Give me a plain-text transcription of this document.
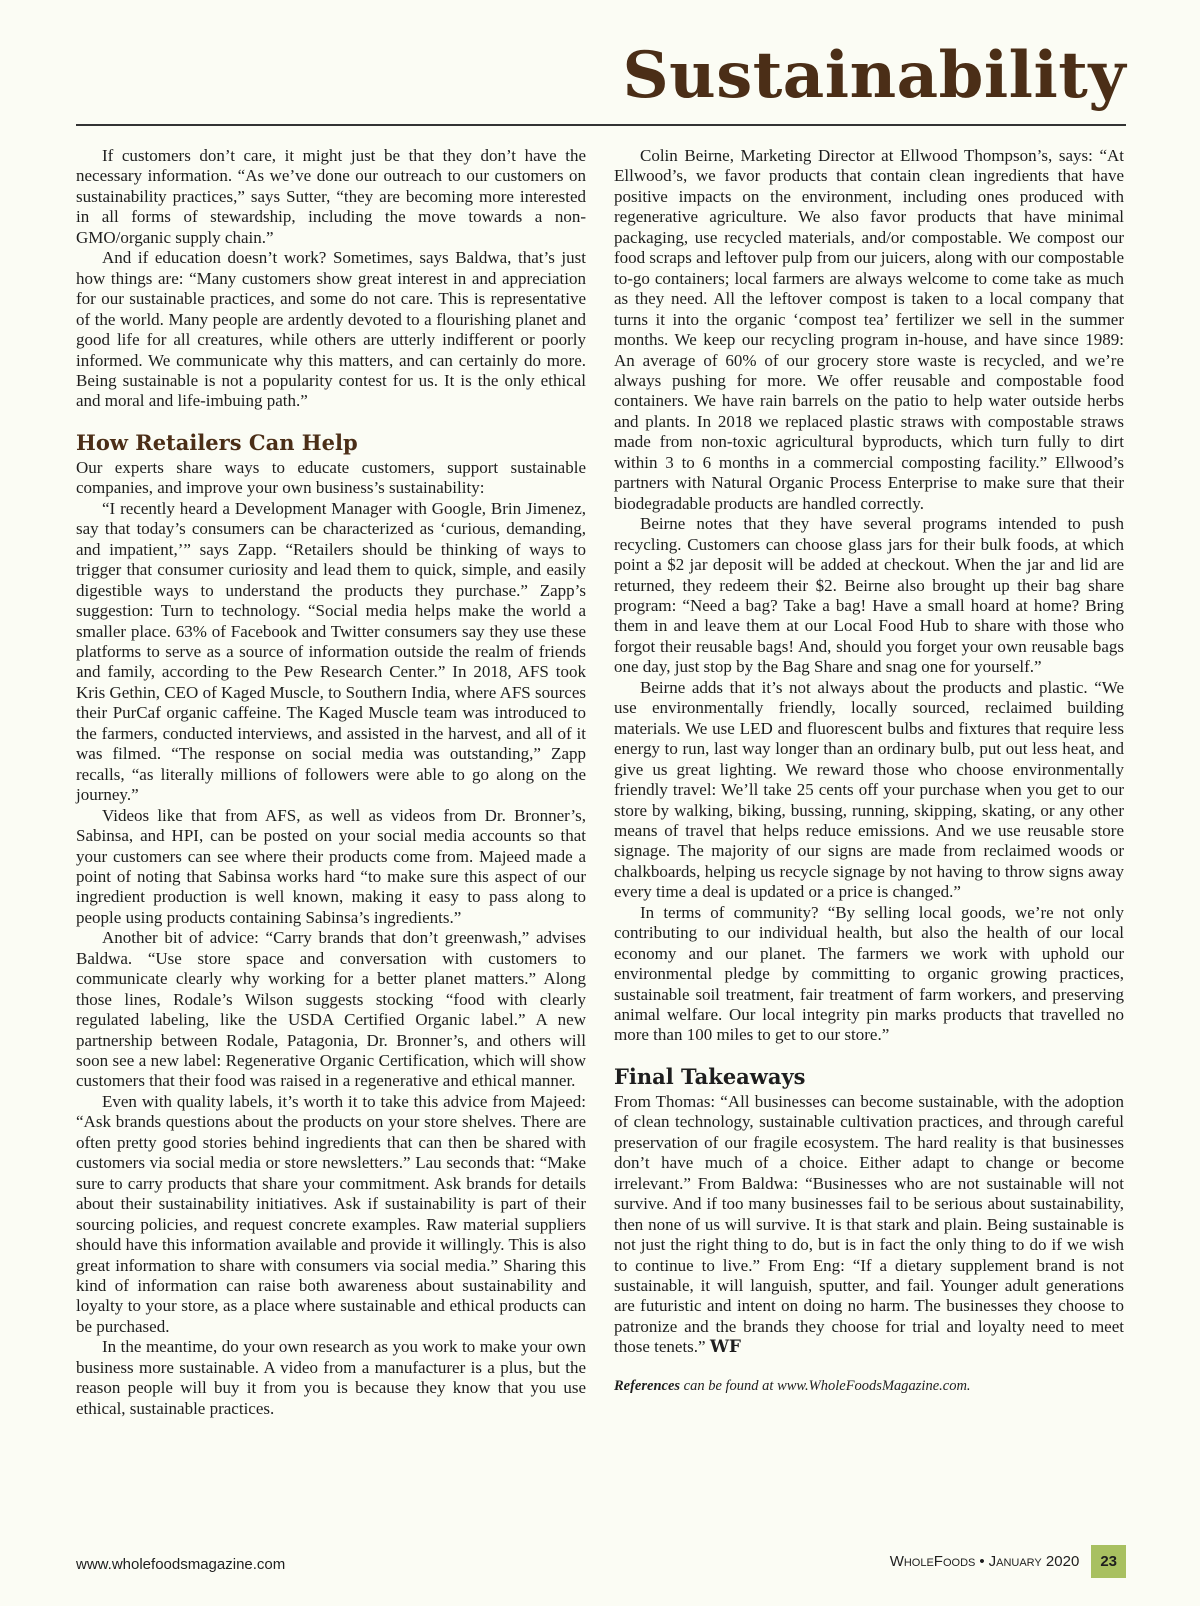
Sustainability

If customers don’t care, it might just be that they don’t have the necessary information. “As we’ve done our outreach to our customers on sustainability practices,” says Sutter, “they are becoming more interested in all forms of stewardship, including the move towards a non-GMO/organic supply chain.”

And if education doesn’t work? Sometimes, says Baldwa, that’s just how things are: “Many customers show great interest in and appreciation for our sustainable practices, and some do not care. This is representative of the world. Many people are ardently devoted to a flourishing planet and good life for all creatures, while others are utterly indifferent or poorly informed. We communicate why this matters, and can certainly do more. Being sustainable is not a popularity contest for us. It is the only ethical and moral and life-imbuing path.”

How Retailers Can Help

Our experts share ways to educate customers, support sustainable companies, and improve your own business’s sustainability:

“I recently heard a Development Manager with Google, Brin Jimenez, say that today’s consumers can be characterized as ‘curious, demanding, and impatient,’” says Zapp. “Retailers should be thinking of ways to trigger that consumer curiosity and lead them to quick, simple, and easily digestible ways to understand the products they purchase.” Zapp’s suggestion: Turn to technology. “Social media helps make the world a smaller place. 63% of Facebook and Twitter consumers say they use these platforms to serve as a source of information outside the realm of friends and family, according to the Pew Research Center.” In 2018, AFS took Kris Gethin, CEO of Kaged Muscle, to Southern India, where AFS sources their PurCaf organic caffeine. The Kaged Muscle team was introduced to the farmers, conducted interviews, and assisted in the harvest, and all of it was filmed. “The response on social media was outstanding,” Zapp recalls, “as literally millions of followers were able to go along on the journey.”

Videos like that from AFS, as well as videos from Dr. Bronner’s, Sabinsa, and HPI, can be posted on your social media accounts so that your customers can see where their products come from. Majeed made a point of noting that Sabinsa works hard “to make sure this aspect of our ingredient production is well known, making it easy to pass along to people using products containing Sabinsa’s ingredients.”

Another bit of advice: “Carry brands that don’t greenwash,” advises Baldwa. “Use store space and conversation with customers to communicate clearly why working for a better planet matters.” Along those lines, Rodale’s Wilson suggests stocking “food with clearly regulated labeling, like the USDA Certified Organic label.” A new partnership between Rodale, Patagonia, Dr. Bronner’s, and others will soon see a new label: Regenerative Organic Certification, which will show customers that their food was raised in a regenerative and ethical manner.

Even with quality labels, it’s worth it to take this advice from Majeed: “Ask brands questions about the products on your store shelves. There are often pretty good stories behind ingredients that can then be shared with customers via social media or store newsletters.” Lau seconds that: “Make sure to carry products that share your commitment. Ask brands for details about their sustainability initiatives. Ask if sustainability is part of their sourcing policies, and request concrete examples. Raw material suppliers should have this information available and provide it willingly. This is also great information to share with consumers via social media.” Sharing this kind of information can raise both awareness about sustainability and loyalty to your store, as a place where sustainable and ethical products can be purchased.

In the meantime, do your own research as you work to make your own business more sustainable. A video from a manufacturer is a plus, but the reason people will buy it from you is because they know that you use ethical, sustainable practices.

Colin Beirne, Marketing Director at Ellwood Thompson’s, says: “At Ellwood’s, we favor products that contain clean ingredients that have positive impacts on the environment, including ones produced with regenerative agriculture. We also favor products that have minimal packaging, use recycled materials, and/or compostable. We compost our food scraps and leftover pulp from our juicers, along with our compostable to-go containers; local farmers are always welcome to come take as much as they need. All the leftover compost is taken to a local company that turns it into the organic ‘compost tea’ fertilizer we sell in the summer months. We keep our recycling program in-house, and have since 1989: An average of 60% of our grocery store waste is recycled, and we’re always pushing for more. We offer reusable and compostable food containers. We have rain barrels on the patio to help water outside herbs and plants. In 2018 we replaced plastic straws with compostable straws made from non-toxic agricultural byproducts, which turn fully to dirt within 3 to 6 months in a commercial composting facility.” Ellwood’s partners with Natural Organic Process Enterprise to make sure that their biodegradable products are handled correctly.

Beirne notes that they have several programs intended to push recycling. Customers can choose glass jars for their bulk foods, at which point a $2 jar deposit will be added at checkout. When the jar and lid are returned, they redeem their $2. Beirne also brought up their bag share program: “Need a bag? Take a bag! Have a small hoard at home? Bring them in and leave them at our Local Food Hub to share with those who forgot their reusable bags! And, should you forget your own reusable bags one day, just stop by the Bag Share and snag one for yourself.”

Beirne adds that it’s not always about the products and plastic. “We use environmentally friendly, locally sourced, reclaimed building materials. We use LED and fluorescent bulbs and fixtures that require less energy to run, last way longer than an ordinary bulb, put out less heat, and give us great lighting. We reward those who choose environmentally friendly travel: We’ll take 25 cents off your purchase when you get to our store by walking, biking, bussing, running, skipping, skating, or any other means of travel that helps reduce emissions. And we use reusable store signage. The majority of our signs are made from reclaimed woods or chalkboards, helping us recycle signage by not having to throw signs away every time a deal is updated or a price is changed.”

In terms of community? “By selling local goods, we’re not only contributing to our individual health, but also the health of our local economy and our planet. The farmers we work with uphold our environmental pledge by committing to organic growing practices, sustainable soil treatment, fair treatment of farm workers, and preserving animal welfare. Our local integrity pin marks products that travelled no more than 100 miles to get to our store.”

Final Takeaways

From Thomas: “All businesses can become sustainable, with the adoption of clean technology, sustainable cultivation practices, and through careful preservation of our fragile ecosystem. The hard reality is that businesses don’t have much of a choice. Either adapt to change or become irrelevant.” From Baldwa: “Businesses who are not sustainable will not survive. And if too many businesses fail to be serious about sustainability, then none of us will survive. It is that stark and plain. Being sustainable is not just the right thing to do, but is in fact the only thing to do if we wish to continue to live.” From Eng: “If a dietary supplement brand is not sustainable, it will languish, sputter, and fail. Younger adult generations are futuristic and intent on doing no harm. The businesses they choose to patronize and the brands they choose for trial and loyalty need to meet those tenets.” WF

References can be found at www.WholeFoodsMagazine.com.
www.wholefoodsmagazine.com	WholeFoods • January 2020	23
